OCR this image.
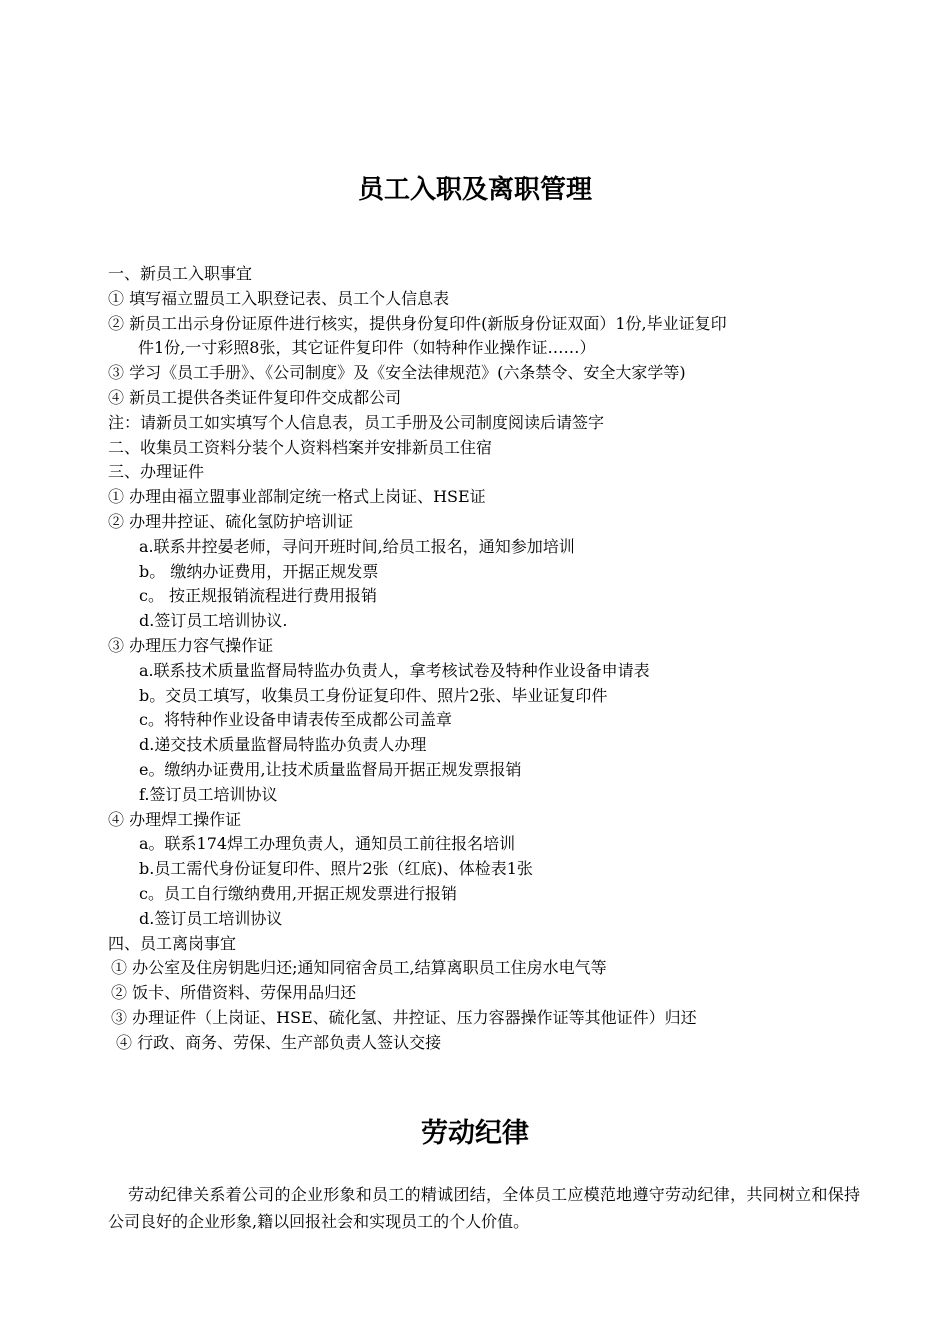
员工入职及离职管理
一、新员工入职事宜
① 填写福立盟员工入职登记表、员工个人信息表
② 新员工出示身份证原件进行核实，提供身份复印件(新版身份证双面）1份,毕业证复印
件1份,一寸彩照8张，其它证件复印件（如特种作业操作证……）
③ 学习《员工手册》、《公司制度》及《安全法律规范》(六条禁令、安全大家学等)
④ 新员工提供各类证件复印件交成都公司
注：请新员工如实填写个人信息表，员工手册及公司制度阅读后请签字
二、收集员工资料分装个人资料档案并安排新员工住宿
三、办理证件
① 办理由福立盟事业部制定统一格式上岗证、HSE证
② 办理井控证、硫化氢防护培训证
a.联系井控晏老师，寻问开班时间,给员工报名，通知参加培训
b。 缴纳办证费用，开据正规发票
c。 按正规报销流程进行费用报销
d.签订员工培训协议.
③ 办理压力容气操作证
a.联系技术质量监督局特监办负责人，拿考核试卷及特种作业设备申请表
b。交员工填写，收集员工身份证复印件、照片2张、毕业证复印件
c。将特种作业设备申请表传至成都公司盖章
d.递交技术质量监督局特监办负责人办理
e。缴纳办证费用,让技术质量监督局开据正规发票报销
f.签订员工培训协议
④ 办理焊工操作证
a。联系174焊工办理负责人，通知员工前往报名培训
b.员工需代身份证复印件、照片2张（红底)、体检表1张
c。员工自行缴纳费用,开据正规发票进行报销
d.签订员工培训协议
四、员工离岗事宜
① 办公室及住房钥匙归还;通知同宿舍员工,结算离职员工住房水电气等
② 饭卡、所借资料、劳保用品归还
③ 办理证件（上岗证、HSE、硫化氢、井控证、压力容器操作证等其他证件）归还
④ 行政、商务、劳保、生产部负责人签认交接
劳动纪律

劳动纪律关系着公司的企业形象和员工的精诚团结，全体员工应模范地遵守劳动纪律，共同树立和保持公司良好的企业形象,籍以回报社会和实现员工的个人价值。
